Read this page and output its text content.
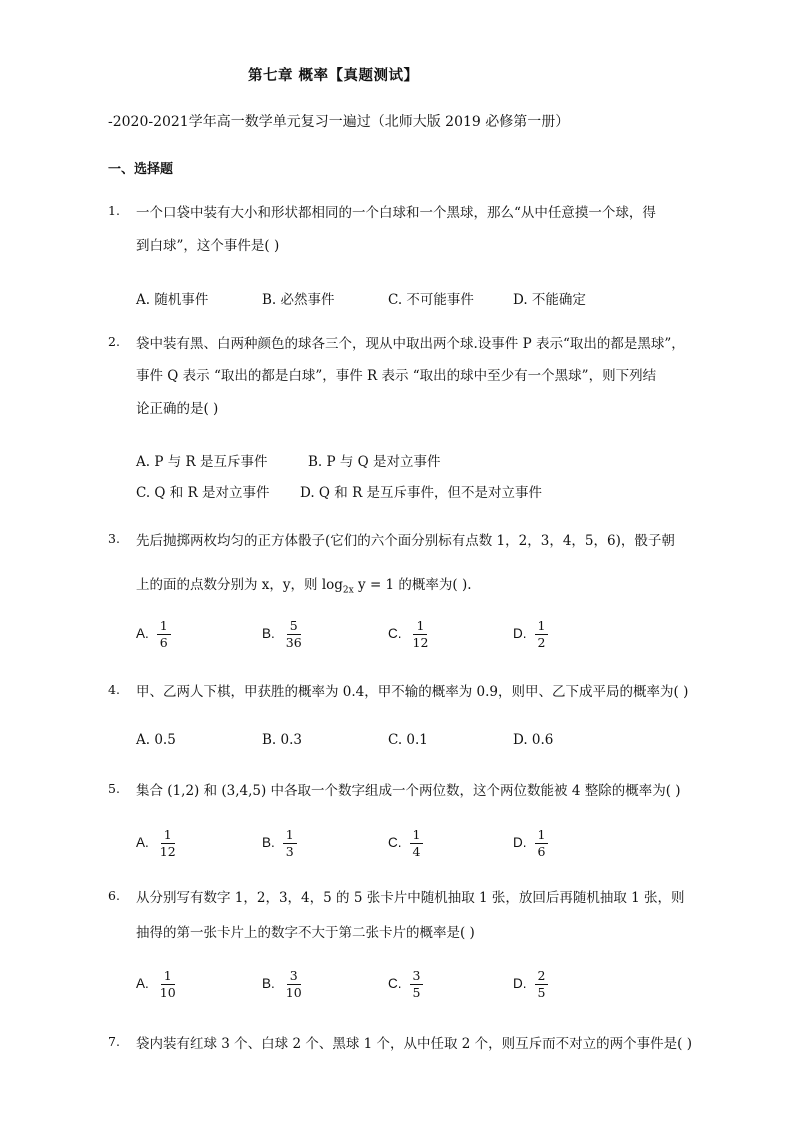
第七章 概率【真题测试】
-2020-2021学年高一数学单元复习一遍过（北师大版 2019 必修第一册）
一、选择题
1. 一个口袋中装有大小和形状都相同的一个白球和一个黑球，那么“从中任意摸一个球，得
到白球”，这个事件是( )
A. 随机事件	B. 必然事件	C. 不可能事件	D. 不能确定
2. 袋中装有黑、白两种颜色的球各三个，现从中取出两个球.设事件 P 表示“取出的都是黑球”，
事件 Q 表示 “取出的都是白球”，事件 R 表示 “取出的球中至少有一个黑球”，则下列结
论正确的是( )
A. P 与 R 是互斥事件	B. P 与 Q 是对立事件
C. Q 和 R 是对立事件 D. Q 和 R 是互斥事件，但不是对立事件
3. 先后抛掷两枚均匀的正方体骰子(它们的六个面分别标有点数 1，2，3，4，5，6)，骰子朝
上的面的点数分别为 x，y，则 $\log_{2x} y = 1$ 的概率为( ).
A. $\frac{1}{6}$	B. $\frac{5}{36}$	C. $\frac{1}{12}$	D. $\frac{1}{2}$
4. 甲、乙两人下棋，甲获胜的概率为 0.4，甲不输的概率为 0.9，则甲、乙下成平局的概率为( )
A. 0.5	B. 0.3	C. 0.1	D. 0.6
5. 集合 (1,2) 和 (3,4,5) 中各取一个数字组成一个两位数，这个两位数能被 4 整除的概率为( )
A. $\frac{1}{12}$	B. $\frac{1}{3}$	C. $\frac{1}{4}$	D. $\frac{1}{6}$
6. 从分别写有数字 1，2，3，4，5 的 5 张卡片中随机抽取 1 张，放回后再随机抽取 1 张，则
抽得的第一张卡片上的数字不大于第二张卡片的概率是( )
A. $\frac{1}{10}$	B. $\frac{3}{10}$	C. $\frac{3}{5}$	D. $\frac{2}{5}$
7. 袋内装有红球 3 个、白球 2 个、黑球 1 个，从中任取 2 个，则互斥而不对立的两个事件是( )
